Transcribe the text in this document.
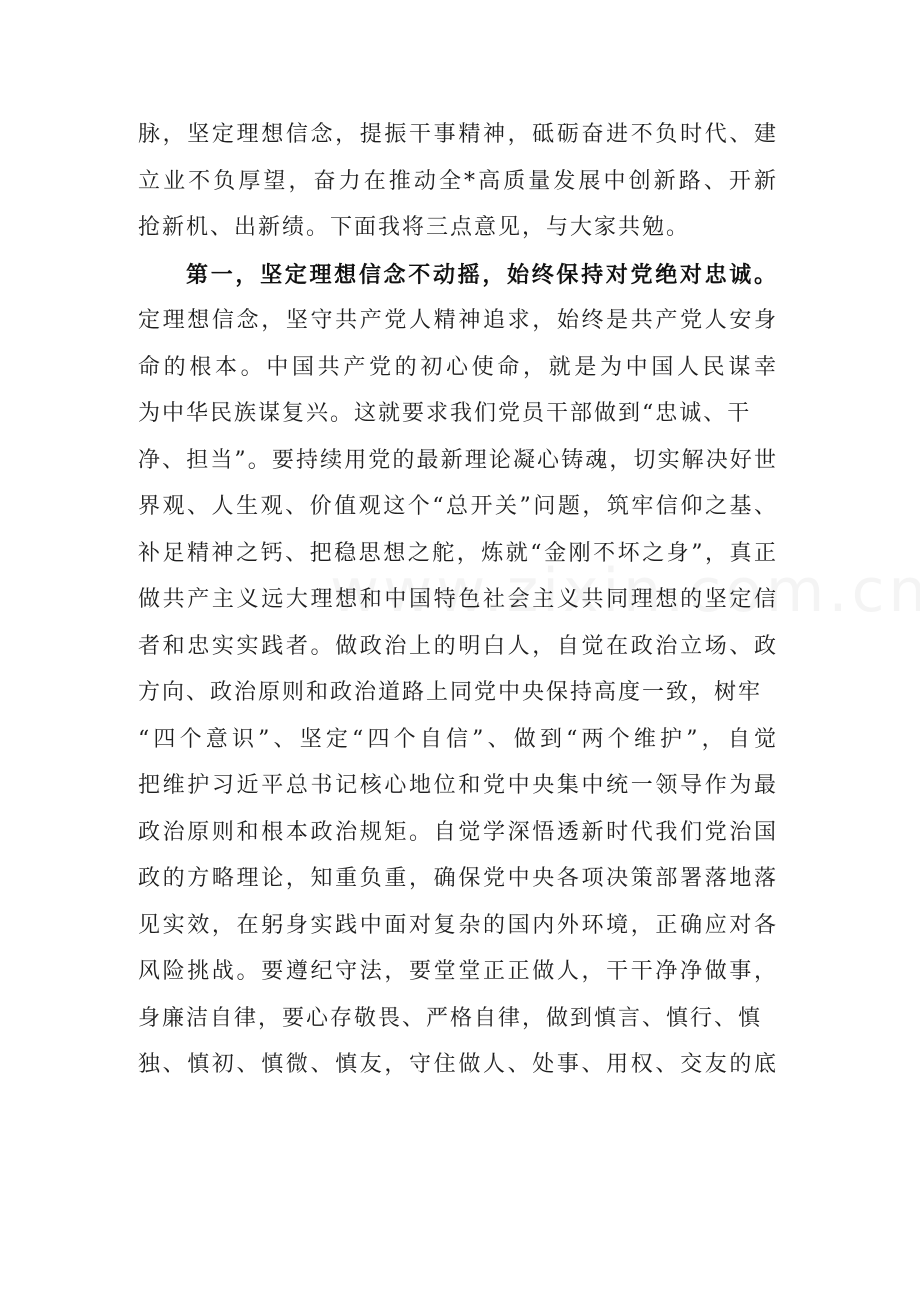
脉，坚定理想信念，提振干事精神，砥砺奋进不负时代、建
立业不负厚望，奋力在推动全*高质量发展中创新路、开新
抢新机、出新绩。下面我将三点意见，与大家共勉。
第一，坚定理想信念不动摇，始终保持对党绝对忠诚。
定理想信念，坚守共产党人精神追求，始终是共产党人安身
命的根本。中国共产党的初心使命，就是为中国人民谋幸
为中华民族谋复兴。这就要求我们党员干部做到“忠诚、干
净、担当”。要持续用党的最新理论凝心铸魂，切实解决好世
界观、人生观、价值观这个“总开关”问题，筑牢信仰之基、
补足精神之钙、把稳思想之舵，炼就“金刚不坏之身”，真正
做共产主义远大理想和中国特色社会主义共同理想的坚定信
者和忠实实践者。做政治上的明白人，自觉在政治立场、政
方向、政治原则和政治道路上同党中央保持高度一致，树牢
“四个意识”、坚定“四个自信”、做到“两个维护”，自觉
把维护习近平总书记核心地位和党中央集中统一领导作为最
政治原则和根本政治规矩。自觉学深悟透新时代我们党治国
政的方略理论，知重负重，确保党中央各项决策部署落地落
见实效，在躬身实践中面对复杂的国内外环境，正确应对各
风险挑战。要遵纪守法，要堂堂正正做人，干干净净做事，
身廉洁自律，要心存敬畏、严格自律，做到慎言、慎行、慎
独、慎初、慎微、慎友，守住做人、处事、用权、交友的底
